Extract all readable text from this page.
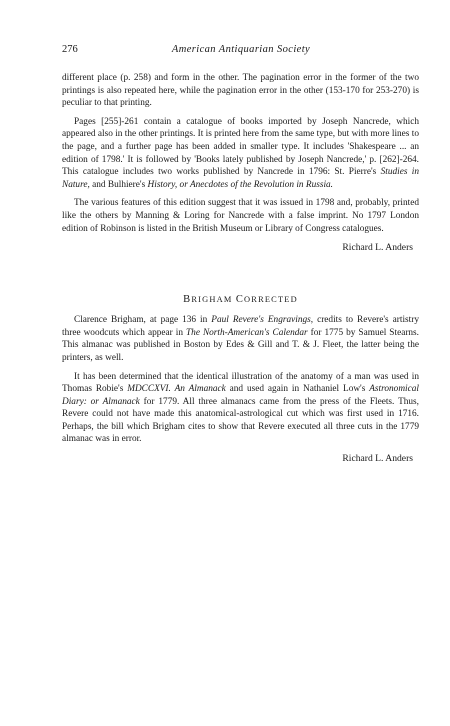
276	American Antiquarian Society

different place (p. 258) and form in the other. The pagination error in the former of the two printings is also repeated here, while the pagination error in the other (153-170 for 253-270) is peculiar to that printing.

Pages [255]-261 contain a catalogue of books imported by Joseph Nancrede, which appeared also in the other printings. It is printed here from the same type, but with more lines to the page, and a further page has been added in smaller type. It includes 'Shakespeare ... an edition of 1798.' It is followed by 'Books lately published by Joseph Nancrede,' p. [262]-264. This catalogue includes two works published by Nancrede in 1796: St. Pierre's Studies in Nature, and Bulhiere's History, or Anecdotes of the Revolution in Russia.

The various features of this edition suggest that it was issued in 1798 and, probably, printed like the others by Manning & Loring for Nancrede with a false imprint. No 1797 London edition of Robinson is listed in the British Museum or Library of Congress catalogues.

Richard L. Anders
BRIGHAM CORRECTED

Clarence Brigham, at page 136 in Paul Revere's Engravings, credits to Revere's artistry three woodcuts which appear in The North-American's Calendar for 1775 by Samuel Stearns. This almanac was published in Boston by Edes & Gill and T. & J. Fleet, the latter being the printers, as well.

It has been determined that the identical illustration of the anatomy of a man was used in Thomas Robie's MDCCXVI. An Almanack and used again in Nathaniel Low's Astronomical Diary: or Almanack for 1779. All three almanacs came from the press of the Fleets. Thus, Revere could not have made this anatomical-astrological cut which was first used in 1716. Perhaps, the bill which Brigham cites to show that Revere executed all three cuts in the 1779 almanac was in error.

Richard L. Anders
